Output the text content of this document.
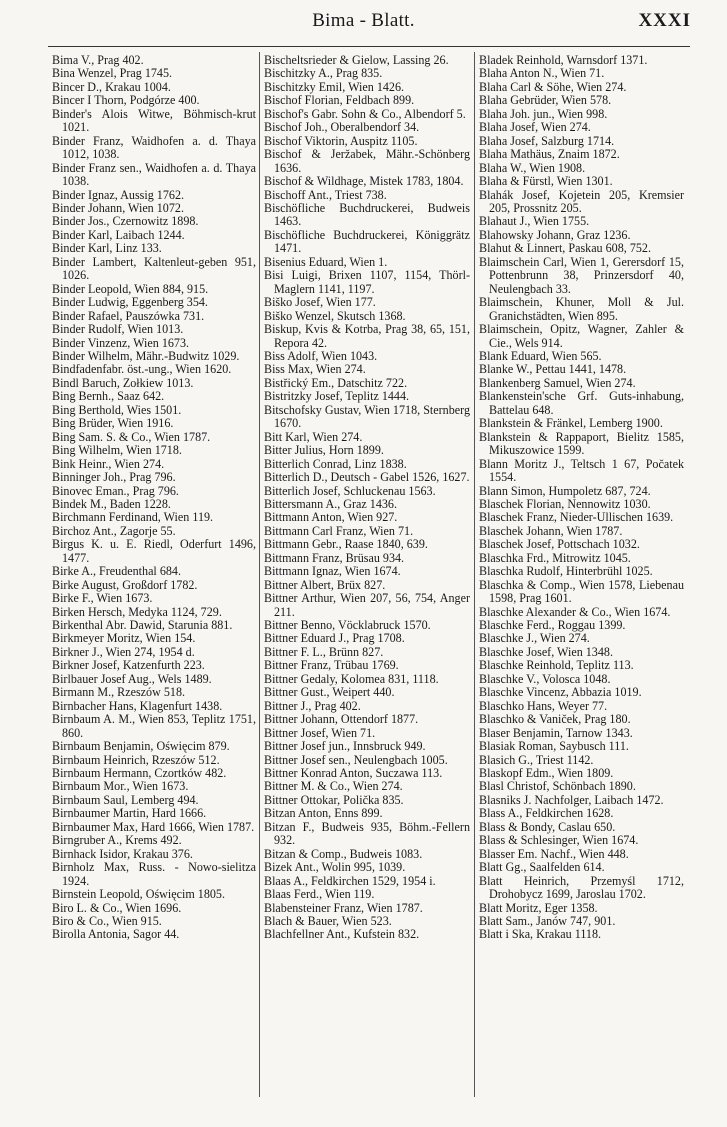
Bima - Blatt.	XXXI
Bima V., Prag 402.
Bina Wenzel, Prag 1745.
Bincer D., Krakau 1004.
Bincer I Thorn, Podgórze 400.
Binder's Alois Witwe, Böhmisch-krut 1021.
Binder Franz, Waidhofen a. d. Thaya 1012, 1038.
Binder Franz sen., Waidhofen a. d. Thaya 1038.
Binder Ignaz, Aussig 1762.
Binder Johann, Wien 1072.
Binder Jos., Czernowitz 1898.
Binder Karl, Laibach 1244.
Binder Karl, Linz 133.
Binder Lambert, Kaltenleut-geben 951, 1026.
Binder Leopold, Wien 884, 915.
Binder Ludwig, Eggenberg 354.
Binder Rafael, Pauszówka 731.
Binder Rudolf, Wien 1013.
Binder Vinzenz, Wien 1673.
Binder Wilhelm, Mähr.-Budwitz 1029.
Bindfadenfabr. öst.-ung., Wien 1620.
Bindl Baruch, Zołkiew 1013.
Bing Bernh., Saaz 642.
Bing Berthold, Wies 1501.
Bing Brüder, Wien 1916.
Bing Sam. S. & Co., Wien 1787.
Bing Wilhelm, Wien 1718.
Bink Heinr., Wien 274.
Binninger Joh., Prag 796.
Binovec Eman., Prag 796.
Bindek M., Baden 1228.
Birchmann Ferdinand, Wien 119.
Birchoz Ant., Zagorje 55.
Birgus K. u. E. Riedl, Oderfurt 1496, 1477.
Birke A., Freudenthal 684.
Birke August, Großdorf 1782.
Birke F., Wien 1673.
Birken Hersch, Medyka 1124, 729.
Birkenthal Abr. Dawid, Starunia 881.
Birkmeyer Moritz, Wien 154.
Birkner J., Wien 274, 1954 d.
Birkner Josef, Katzenfurth 223.
Birlbauer Josef Aug., Wels 1489.
Birmann M., Rzeszów 518.
Birnbacher Hans, Klagenfurt 1438.
Birnbaum A. M., Wien 853, Teplitz 1751, 860.
Birnbaum Benjamin, Oświęcim 879.
Birnbaum Heinrich, Rzeszów 512.
Birnbaum Hermann, Czortków 482.
Birnbaum Mor., Wien 1673.
Birnbaum Saul, Lemberg 494.
Birnbaumer Martin, Hard 1666.
Birnbaumer Max, Hard 1666, Wien 1787.
Birngruber A., Krems 492.
Birnhack Isidor, Krakau 376.
Birnholz Max, Russ. - Nowo-sielitza 1924.
Birnstein Leopold, Oświęcim 1805.
Biro L. & Co., Wien 1696.
Biro & Co., Wien 915.
Birolla Antonia, Sagor 44.
Bischeltsrieder & Gielow, Lassing 26.
Bischitzky A., Prag 835.
Bischitzky Emil, Wien 1426.
Bischof Florian, Feldbach 899.
Bischof's Gabr. Sohn & Co., Albendorf 5.
Bischof Joh., Oberalbendorf 34.
Bischof Viktorin, Auspitz 1105.
Bischof & Jeržabek, Mähr.-Schönberg 1636.
Bischof & Wildhage, Mistek 1783, 1804.
Bischoff Ant., Triest 738.
Bischöfliche Buchdruckerei, Budweis 1463.
Bischöfliche Buchdruckerei, Königgrätz 1471.
Bisenius Eduard, Wien 1.
Bisi Luigi, Brixen 1107, 1154, Thörl-Maglern 1141, 1197.
Biško Josef, Wien 177.
Biško Wenzel, Skutsch 1368.
Biskup, Kvis & Kotrba, Prag 38, 65, 151, Repora 42.
Biss Adolf, Wien 1043.
Biss Max, Wien 274.
Bistřický Em., Datschitz 722.
Bistritzky Josef, Teplitz 1444.
Bitschofsky Gustav, Wien 1718, Sternberg 1670.
Bitt Karl, Wien 274.
Bitter Julius, Horn 1899.
Bitterlich Conrad, Linz 1838.
Bitterlich D., Deutsch - Gabel 1526, 1627.
Bitterlich Josef, Schluckenau 1563.
Bittersmann A., Graz 1436.
Bittmann Anton, Wien 927.
Bittmann Carl Franz, Wien 71.
Bittmann Gebr., Raase 1840, 639.
Bittmann Franz, Brüsau 934.
Bittmann Ignaz, Wien 1674.
Bittner Albert, Brüx 827.
Bittner Arthur, Wien 207, 56, 754, Anger 211.
Bittner Benno, Vöcklabruck 1570.
Bittner Eduard J., Prag 1708.
Bittner F. L., Brünn 827.
Bittner Franz, Trübau 1769.
Bittner Gedaly, Kolomea 831, 1118.
Bittner Gust., Weipert 440.
Bittner J., Prag 402.
Bittner Johann, Ottendorf 1877.
Bittner Josef, Wien 71.
Bittner Josef jun., Innsbruck 949.
Bittner Josef sen., Neulengbach 1005.
Bittner Konrad Anton, Suczawa 113.
Bittner M. & Co., Wien 274.
Bittner Ottokar, Polička 835.
Bitzan Anton, Enns 899.
Bitzan F., Budweis 935, Böhm.-Fellern 932.
Bitzan & Comp., Budweis 1083.
Bizek Ant., Wolin 995, 1039.
Blaas A., Feldkirchen 1529, 1954 i.
Blaas Ferd., Wien 119.
Blabensteiner Franz, Wien 1787.
Blach & Bauer, Wien 523.
Blachfellner Ant., Kufstein 832.
Bladek Reinhold, Warnsdorf 1371.
Blaha Anton N., Wien 71.
Blaha Carl & Söhe, Wien 274.
Blaha Gebrüder, Wien 578.
Blaha Joh. jun., Wien 998.
Blaha Josef, Wien 274.
Blaha Josef, Salzburg 1714.
Blaha Mathäus, Znaim 1872.
Blaha W., Wien 1908.
Blaha & Fürstl, Wien 1301.
Blahák Josef, Kojetein 205, Kremsier 205, Prossnitz 205.
Blahaut J., Wien 1755.
Blahowsky Johann, Graz 1236.
Blahut & Linnert, Paskau 608, 752.
Blaimschein Carl, Wien 1, Gerersdorf 15, Pottenbrunn 38, Prinzersdorf 40, Neulengbach 33.
Blaimschein, Khuner, Moll & Jul. Granichstädten, Wien 895.
Blaimschein, Opitz, Wagner, Zahler & Cie., Wels 914.
Blank Eduard, Wien 565.
Blanke W., Pettau 1441, 1478.
Blankenberg Samuel, Wien 274.
Blankenstein'sche Grf. Guts-inhabung, Battelau 648.
Blankstein & Fränkel, Lemberg 1900.
Blankstein & Rappaport, Bielitz 1585, Mikuszowice 1599.
Blann Moritz J., Teltsch 1 67, Počatek 1554.
Blann Simon, Humpoletz 687, 724.
Blaschek Florian, Nennowitz 1030.
Blaschek Franz, Nieder-Ullischen 1639.
Blaschek Johann, Wien 1787.
Blaschek Josef, Pottschach 1032.
Blaschka Frd., Mitrowitz 1045.
Blaschka Rudolf, Hinterbrühl 1025.
Blaschka & Comp., Wien 1578, Liebenau 1598, Prag 1601.
Blaschke Alexander & Co., Wien 1674.
Blaschke Ferd., Roggau 1399.
Blaschke J., Wien 274.
Blaschke Josef, Wien 1348.
Blaschke Reinhold, Teplitz 113.
Blaschke V., Volosca 1048.
Blaschke Vincenz, Abbazia 1019.
Blaschko Hans, Weyer 77.
Blaschko & Vaniček, Prag 180.
Blaser Benjamin, Tarnow 1343.
Blasiak Roman, Saybusch 111.
Blasich G., Triest 1142.
Blaskopf Edm., Wien 1809.
Blasl Christof, Schönbach 1890.
Blasniks J. Nachfolger, Laibach 1472.
Blass A., Feldkirchen 1628.
Blass & Bondy, Caslau 650.
Blass & Schlesinger, Wien 1674.
Blasser Em. Nachf., Wien 448.
Blatt Gg., Saalfelden 614.
Blatt Heinrich, Przemyśl 1712, Drohobycz 1699, Jaroslau 1702.
Blatt Moritz, Eger 1358.
Blatt Sam., Janów 747, 901.
Blatt i Ska, Krakau 1118.
